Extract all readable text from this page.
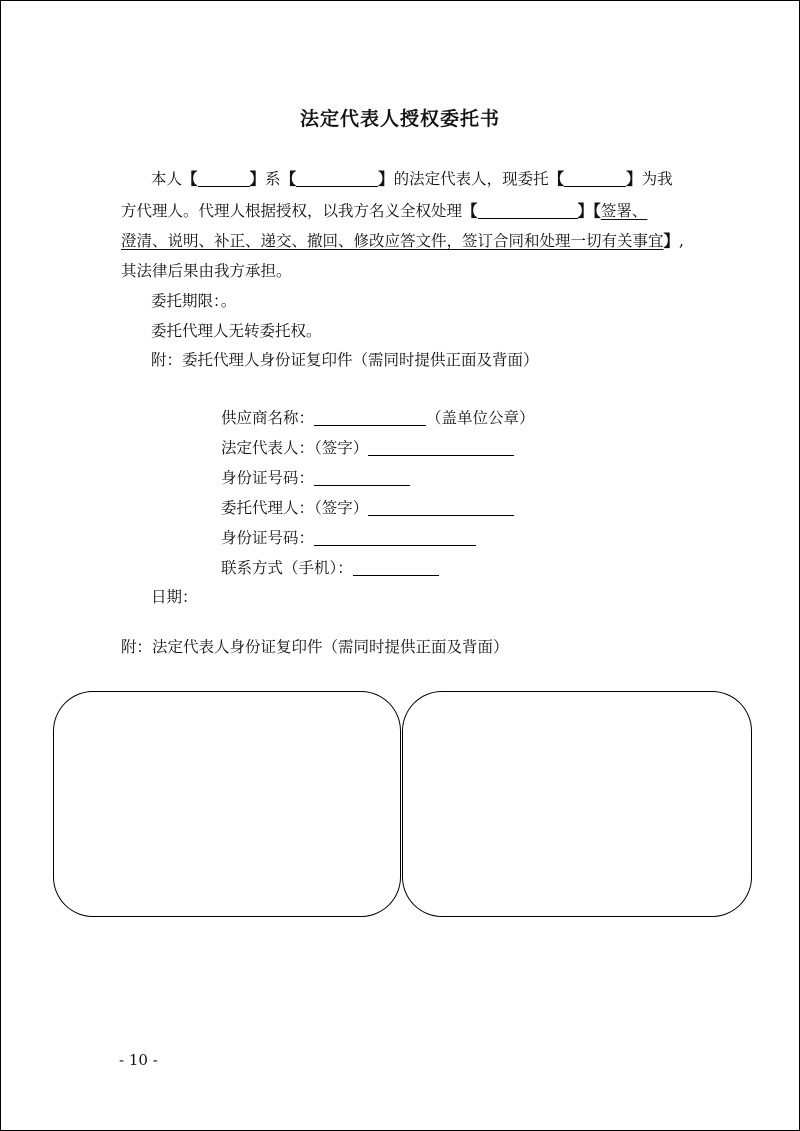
法定代表人授权委托书
本人【	】系【	】的法定代表人，现委托【	】为我
方代理人。代理人根据授权，以我方名义全权处理【	】【签署、
澄清、说明、补正、递交、撤回、修改应答文件，签订合同和处理一切有关事宜】,
其法律后果由我方承担。
委托期限：。
委托代理人无转委托权。
附：委托代理人身份证复印件（需同时提供正面及背面）
供应商名称：	（盖单位公章）
法定代表人：（签字）
身份证号码：
委托代理人：（签字）
身份证号码：
联系方式（手机）：
日期：
附：法定代表人身份证复印件（需同时提供正面及背面）
- 10 -
